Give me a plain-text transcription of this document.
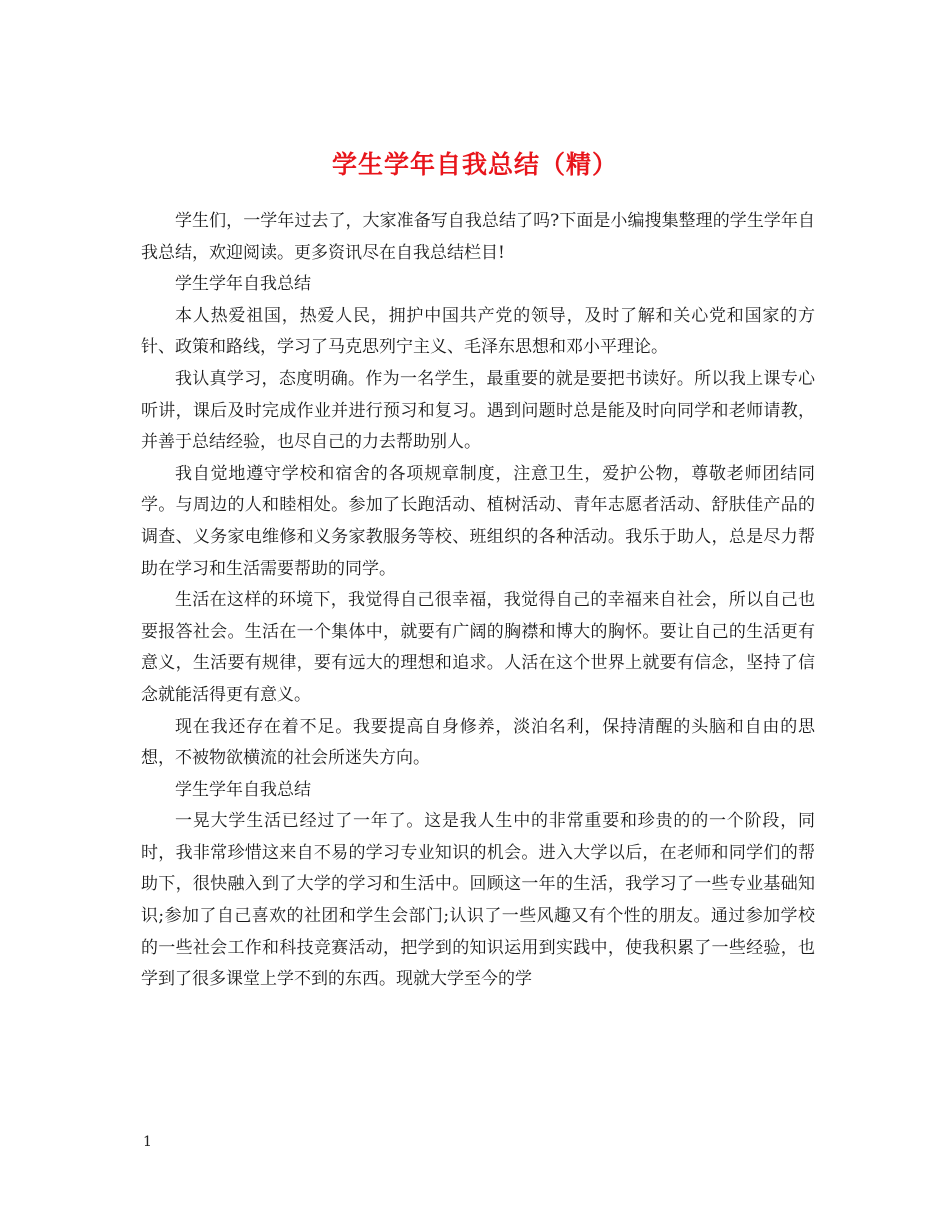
学生学年自我总结（精）

学生们，一学年过去了，大家准备写自我总结了吗?下面是小编搜集整理的学生学年自我总结，欢迎阅读。更多资讯尽在自我总结栏目!

学生学年自我总结

本人热爱祖国，热爱人民，拥护中国共产党的领导，及时了解和关心党和国家的方针、政策和路线，学习了马克思列宁主义、毛泽东思想和邓小平理论。

我认真学习，态度明确。作为一名学生，最重要的就是要把书读好。所以我上课专心听讲，课后及时完成作业并进行预习和复习。遇到问题时总是能及时向同学和老师请教，并善于总结经验，也尽自己的力去帮助别人。

我自觉地遵守学校和宿舍的各项规章制度，注意卫生，爱护公物，尊敬老师团结同学。与周边的人和睦相处。参加了长跑活动、植树活动、青年志愿者活动、舒肤佳产品的调查、义务家电维修和义务家教服务等校、班组织的各种活动。我乐于助人，总是尽力帮助在学习和生活需要帮助的同学。

生活在这样的环境下，我觉得自己很幸福，我觉得自己的幸福来自社会，所以自己也要报答社会。生活在一个集体中，就要有广阔的胸襟和博大的胸怀。要让自己的生活更有意义，生活要有规律，要有远大的理想和追求。人活在这个世界上就要有信念，坚持了信念就能活得更有意义。

现在我还存在着不足。我要提高自身修养，淡泊名利，保持清醒的头脑和自由的思想，不被物欲横流的社会所迷失方向。

学生学年自我总结

一晃大学生活已经过了一年了。这是我人生中的非常重要和珍贵的的一个阶段，同时，我非常珍惜这来自不易的学习专业知识的机会。进入大学以后，在老师和同学们的帮助下，很快融入到了大学的学习和生活中。回顾这一年的生活，我学习了一些专业基础知识;参加了自己喜欢的社团和学生会部门;认识了一些风趣又有个性的朋友。通过参加学校的一些社会工作和科技竞赛活动，把学到的知识运用到实践中，使我积累了一些经验，也学到了很多课堂上学不到的东西。现就大学至今的学

1
